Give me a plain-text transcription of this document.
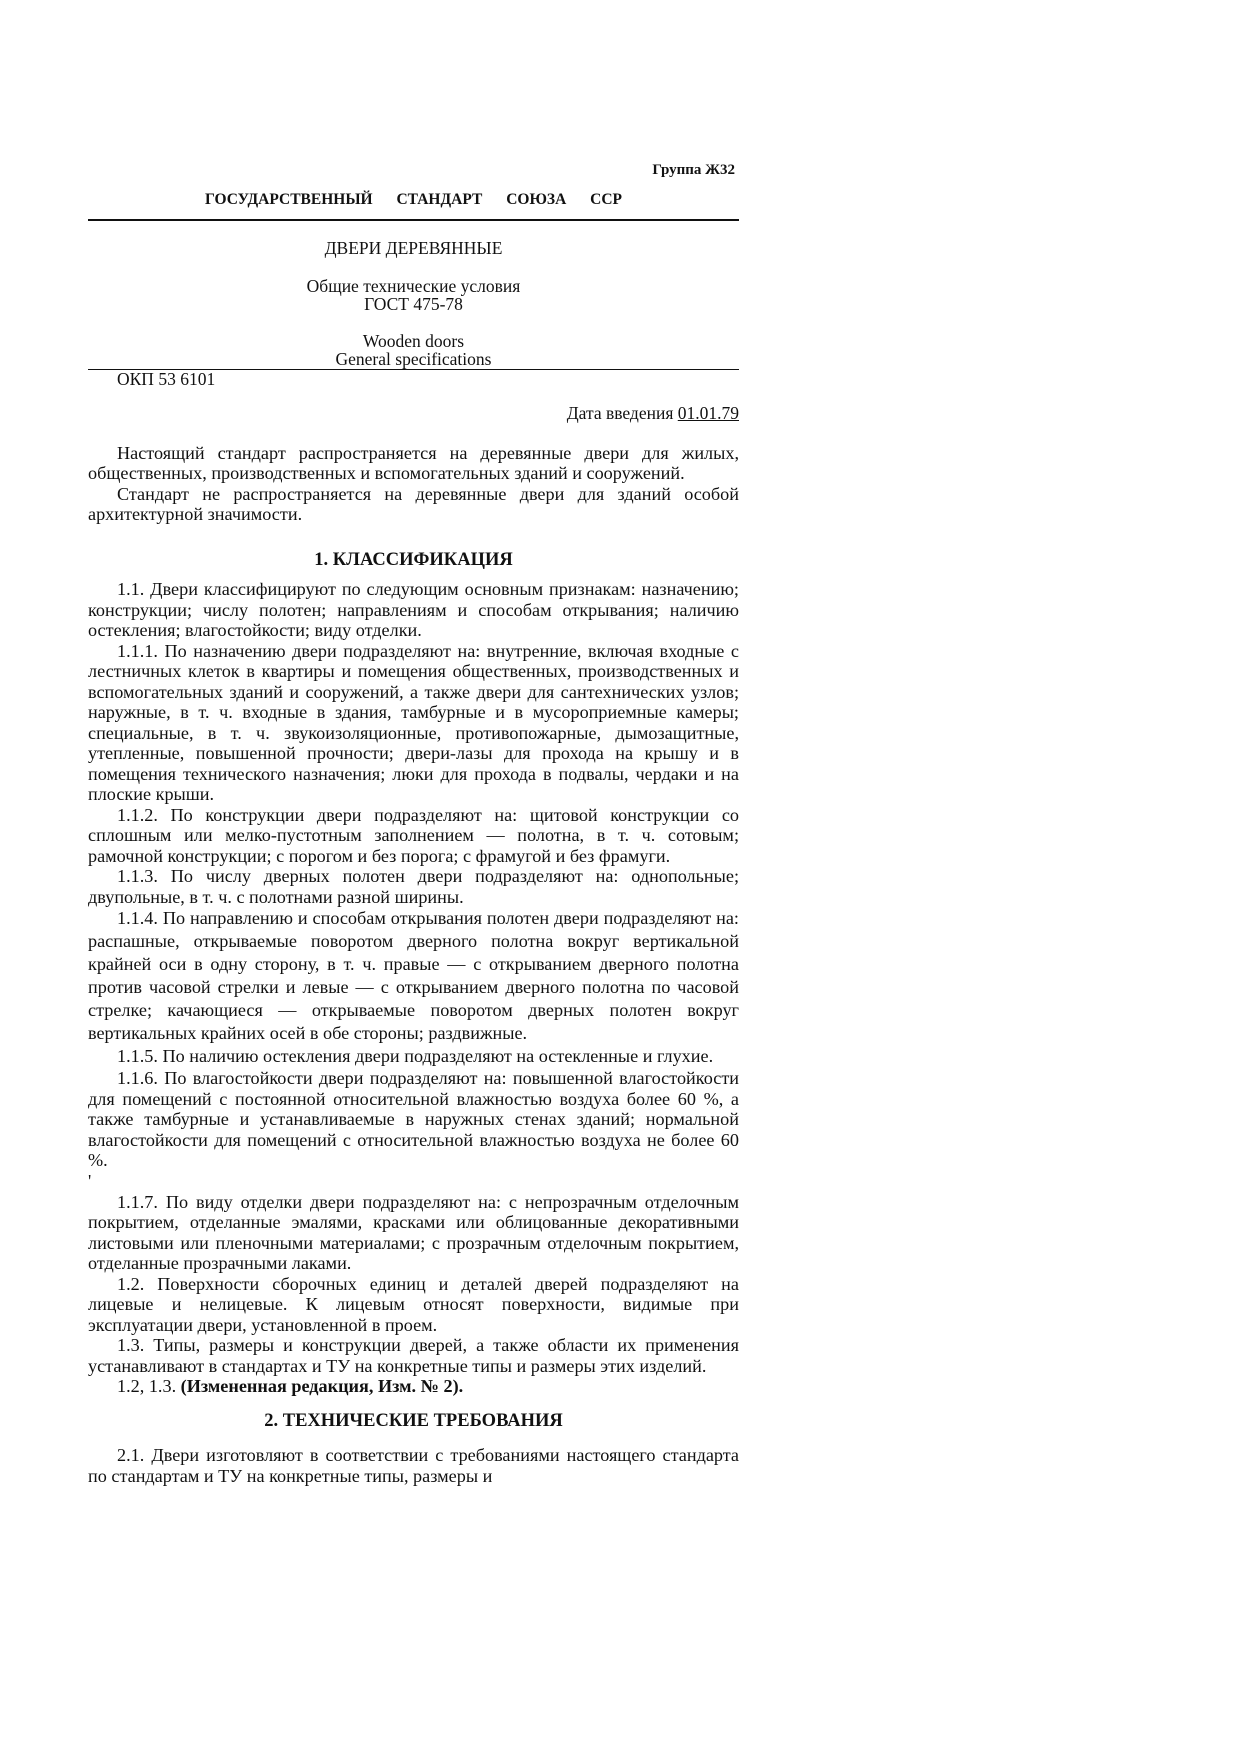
Группа Ж32
ГОСУДАРСТВЕННЫЙ СТАНДАРТ СОЮЗА ССР
ДВЕРИ ДЕРЕВЯННЫЕ
Общие технические условия
ГОСТ 475-78
Wooden doors
General specifications
ОКП 53 6101
Дата введения 01.01.79

Настоящий стандарт распространяется на деревянные двери для жилых, общественных, производственных и вспомогательных зданий и сооружений.

Стандарт не распространяется на деревянные двери для зданий особой архитектурной значимости.

1. КЛАССИФИКАЦИЯ

1.1. Двери классифицируют по следующим основным признакам: назначению; конструкции; числу полотен; направлениям и способам открывания; наличию остекления; влагостойкости; виду отделки.

1.1.1. По назначению двери подразделяют на: внутренние, включая входные с лестничных клеток в квартиры и помещения общественных, производственных и вспомогательных зданий и сооружений, а также двери для сантехнических узлов; наружные, в т. ч. входные в здания, тамбурные и в мусороприемные камеры; специальные, в т. ч. звукоизоляционные, противопожарные, дымозащитные, утепленные, повышенной прочности; двери-лазы для прохода на крышу и в помещения технического назначения; люки для прохода в подвалы, чердаки и на плоские крыши.

1.1.2. По конструкции двери подразделяют на: щитовой конструкции со сплошным или мелко-пустотным заполнением — полотна, в т. ч. сотовым; рамочной конструкции; с порогом и без порога; с фрамугой и без фрамуги.

1.1.3. По числу дверных полотен двери подразделяют на: однопольные; двупольные, в т. ч. с полотнами разной ширины.

1.1.4. По направлению и способам открывания полотен двери подразделяют на: распашные, открываемые поворотом дверного полотна вокруг вертикальной крайней оси в одну сторону, в т. ч. правые — с открыванием дверного полотна против часовой стрелки и левые — с открыванием дверного полотна по часовой стрелке; качающиеся — открываемые поворотом дверных полотен вокруг вертикальных крайних осей в обе стороны; раздвижные.

1.1.5. По наличию остекления двери подразделяют на остекленные и глухие.

1.1.6. По влагостойкости двери подразделяют на: повышенной влагостойкости для помещений с постоянной относительной влажностью воздуха более 60 %, а также тамбурные и устанавливаемые в наружных стенах зданий; нормальной влагостойкости для помещений с относительной влажностью воздуха не более 60 %.

'

1.1.7. По виду отделки двери подразделяют на: с непрозрачным отделочным покрытием, отделанные эмалями, красками или облицованные декоративными листовыми или пленочными материалами; с прозрачным отделочным покрытием, отделанные прозрачными лаками.

1.2. Поверхности сборочных единиц и деталей дверей подразделяют на лицевые и нелицевые. К лицевым относят поверхности, видимые при эксплуатации двери, установленной в проем.

1.3. Типы, размеры и конструкции дверей, а также области их применения устанавливают в стандартах и ТУ на конкретные типы и размеры этих изделий.

1.2, 1.3. (Измененная редакция, Изм. № 2).

2. ТЕХНИЧЕСКИЕ ТРЕБОВАНИЯ

2.1. Двери изготовляют в соответствии с требованиями настоящего стандарта по стандартам и ТУ на конкретные типы, размеры и
